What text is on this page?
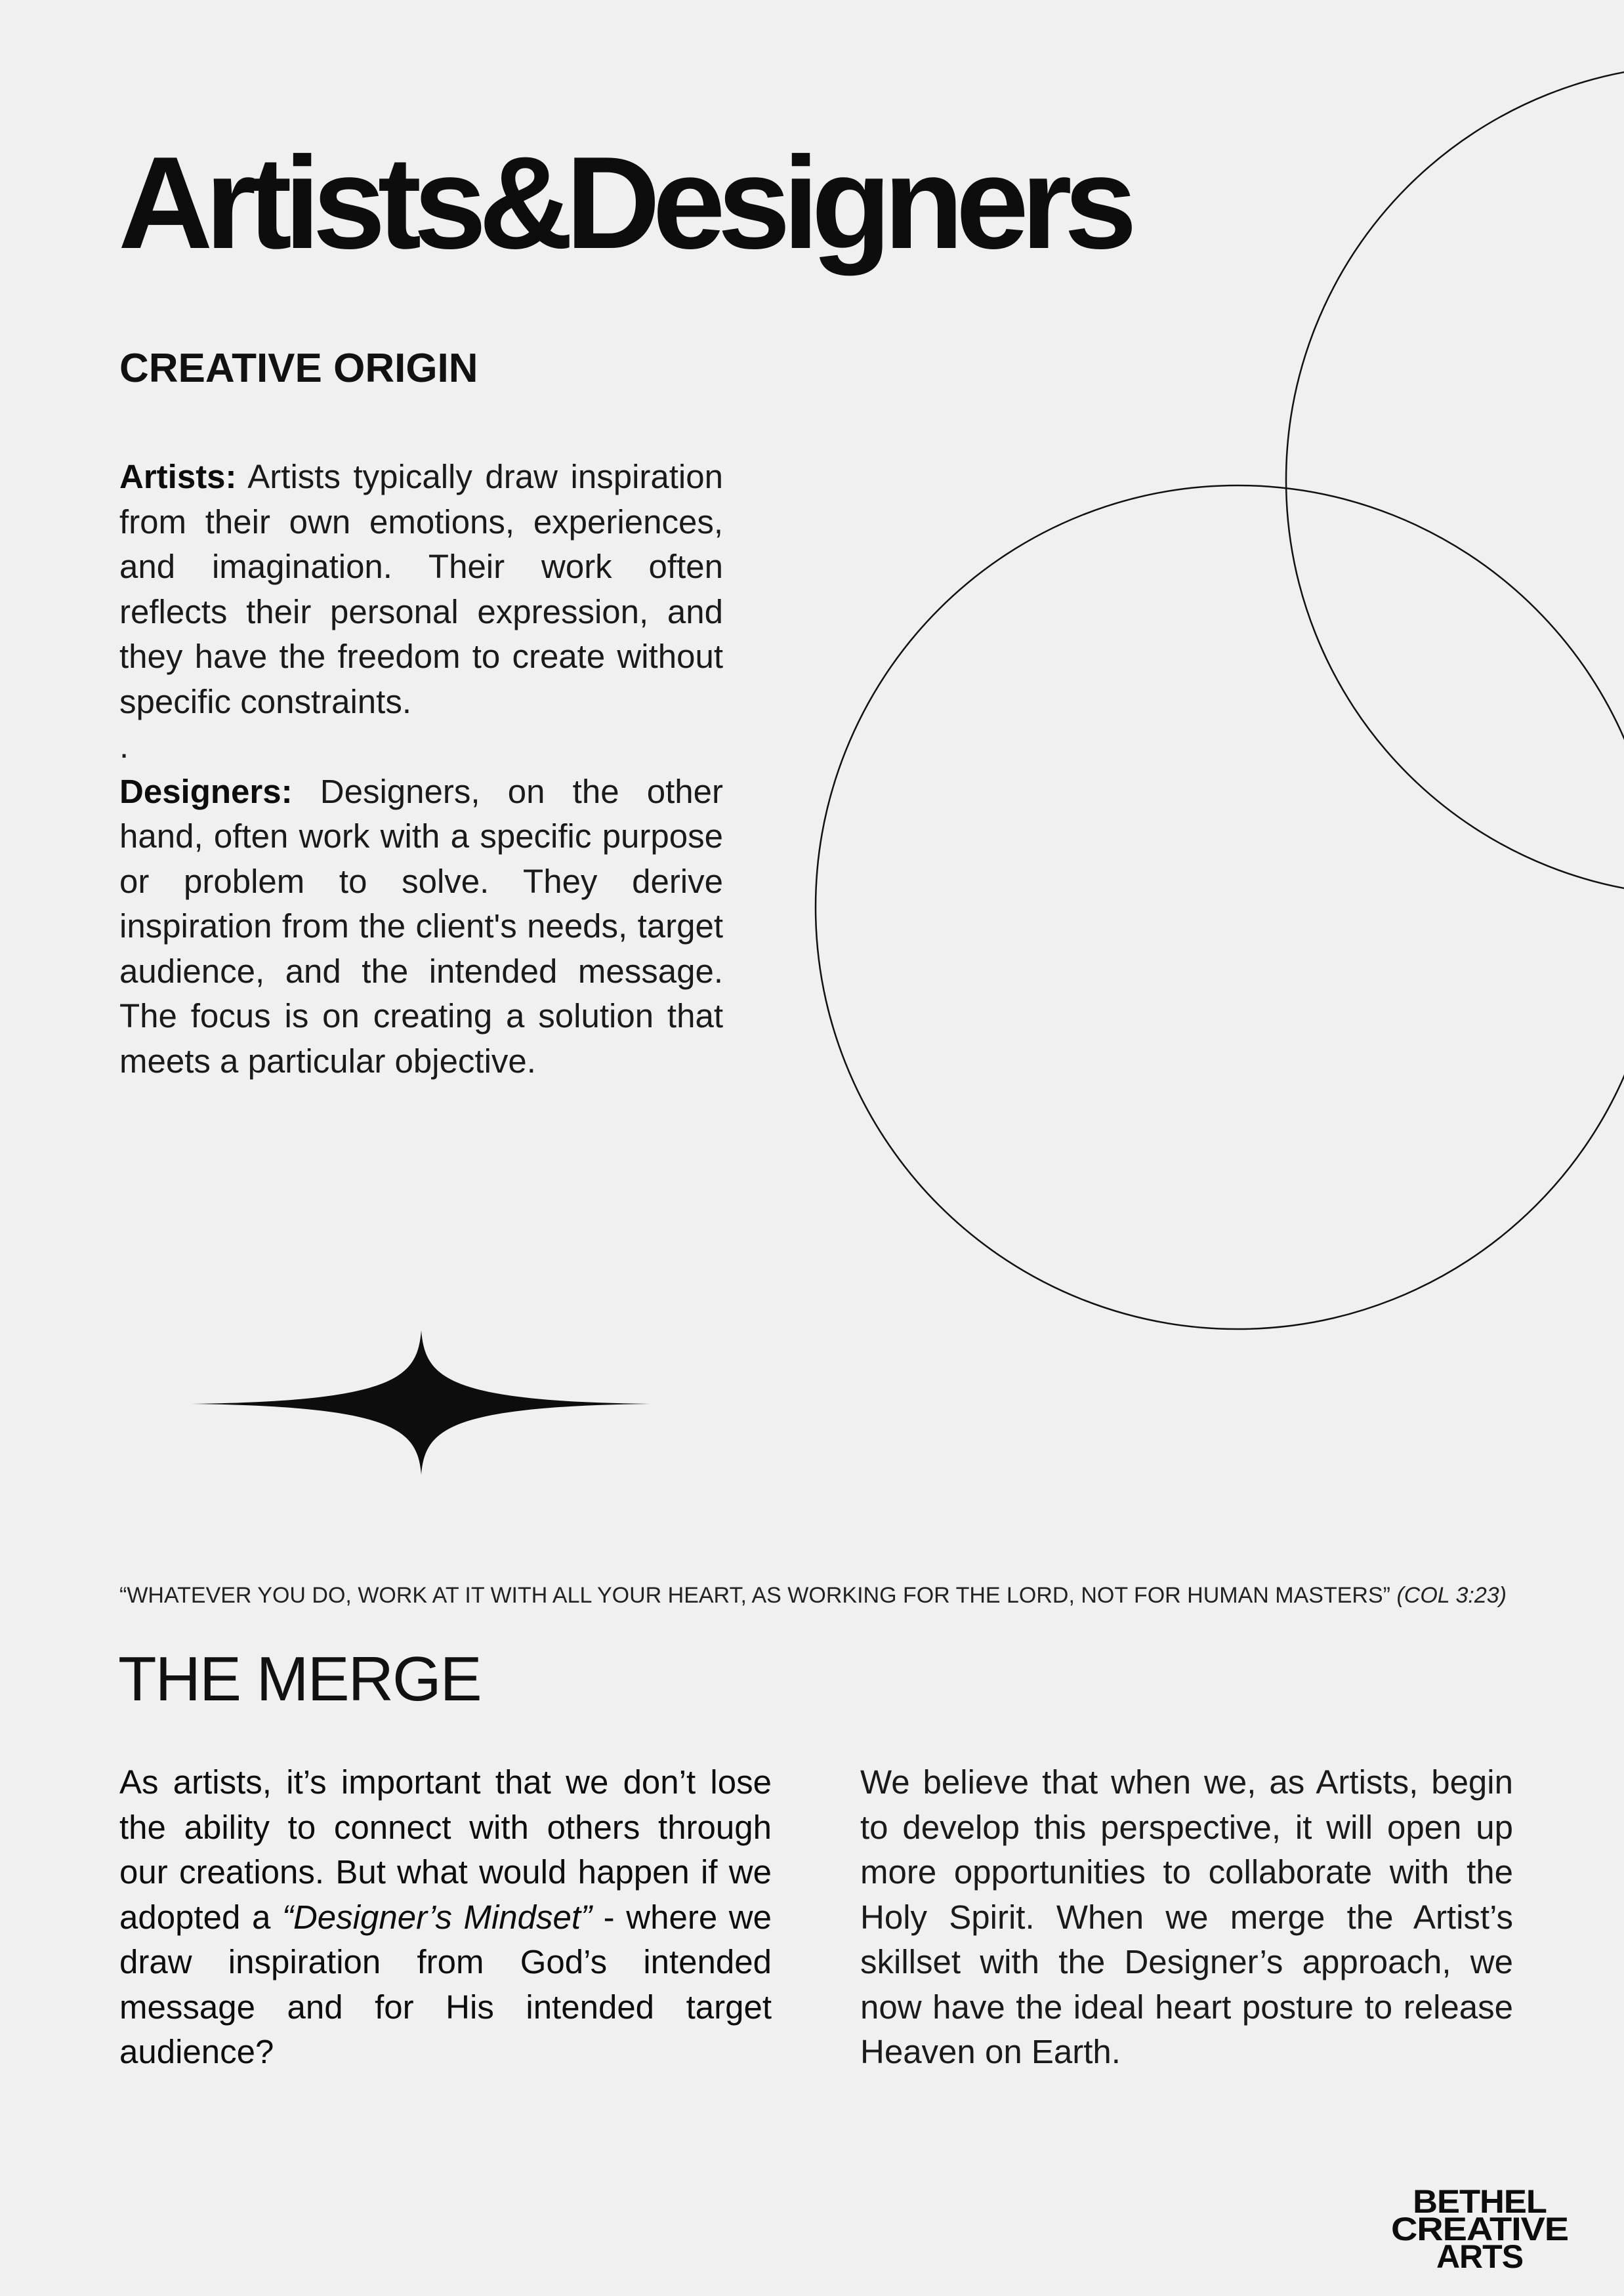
Artists&Designers
CREATIVE ORIGIN

Artists: Artists typically draw inspiration from their own emotions, experiences, and imagination. Their work often reflects their personal expression, and they have the freedom to create without specific constraints.

.

Designers: Designers, on the other hand, often work with a specific purpose or problem to solve. They derive inspiration from the client's needs, target audience, and the intended message. The focus is on creating a solution that meets a particular objective.

“WHATEVER YOU DO, WORK AT IT WITH ALL YOUR HEART, AS WORKING FOR THE LORD, NOT FOR HUMAN MASTERS” (COL 3:23)
THE MERGE

As artists, it’s important that we don’t lose the ability to connect with others through our creations. But what would happen if we adopted a “Designer’s Mindset” - where we draw inspiration from God’s intended message and for His intended target audience?

We believe that when we, as Artists, begin to develop this perspective, it will open up more opportunities to collaborate with the Holy Spirit. When we merge the Artist’s skillset with the Designer’s approach, we now have the ideal heart posture to release Heaven on Earth.

BETHEL
CREATIVE
ARTS
